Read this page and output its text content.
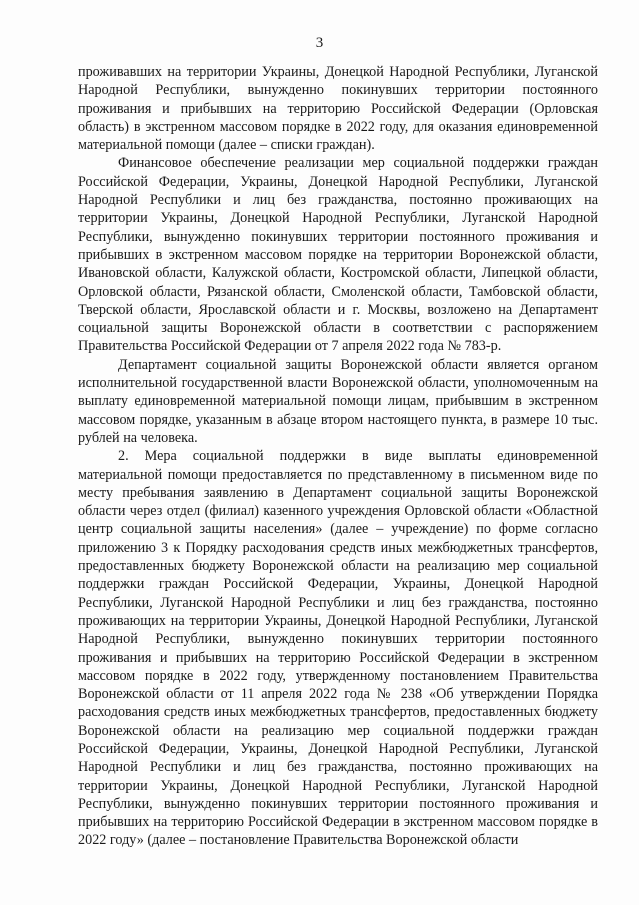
3

проживавших на территории Украины, Донецкой Народной Республики, Луганской Народной Республики, вынужденно покинувших территории постоянного проживания и прибывших на территорию Российской Федерации (Орловская область) в экстренном массовом порядке в 2022 году, для оказания единовременной материальной помощи (далее – списки граждан).

Финансовое обеспечение реализации мер социальной поддержки граждан Российской Федерации, Украины, Донецкой Народной Республики, Луганской Народной Республики и лиц без гражданства, постоянно проживающих на территории Украины, Донецкой Народной Республики, Луганской Народной Республики, вынужденно покинувших территории постоянного проживания и прибывших в экстренном массовом порядке на территории Воронежской области, Ивановской области, Калужской области, Костромской области, Липецкой области, Орловской области, Рязанской области, Смоленской области, Тамбовской области, Тверской области, Ярославской области и г. Москвы, возложено на Департамент социальной защиты Воронежской области в соответствии с распоряжением Правительства Российской Федерации от 7 апреля 2022 года № 783-р.

Департамент социальной защиты Воронежской области является органом исполнительной государственной власти Воронежской области, уполномоченным на выплату единовременной материальной помощи лицам, прибывшим в экстренном массовом порядке, указанным в абзаце втором настоящего пункта, в размере 10 тыс. рублей на человека.

2. Мера социальной поддержки в виде выплаты единовременной материальной помощи предоставляется по представленному в письменном виде по месту пребывания заявлению в Департамент социальной защиты Воронежской области через отдел (филиал) казенного учреждения Орловской области «Областной центр социальной защиты населения» (далее – учреждение) по форме согласно приложению 3 к Порядку расходования средств иных межбюджетных трансфертов, предоставленных бюджету Воронежской области на реализацию мер социальной поддержки граждан Российской Федерации, Украины, Донецкой Народной Республики, Луганской Народной Республики и лиц без гражданства, постоянно проживающих на территории Украины, Донецкой Народной Республики, Луганской Народной Республики, вынужденно покинувших территории постоянного проживания и прибывших на территорию Российской Федерации в экстренном массовом порядке в 2022 году, утвержденному постановлением Правительства Воронежской области от 11 апреля 2022 года № 238 «Об утверждении Порядка расходования средств иных межбюджетных трансфертов, предоставленных бюджету Воронежской области на реализацию мер социальной поддержки граждан Российской Федерации, Украины, Донецкой Народной Республики, Луганской Народной Республики и лиц без гражданства, постоянно проживающих на территории Украины, Донецкой Народной Республики, Луганской Народной Республики, вынужденно покинувших территории постоянного проживания и прибывших на территорию Российской Федерации в экстренном массовом порядке в 2022 году» (далее – постановление Правительства Воронежской области
